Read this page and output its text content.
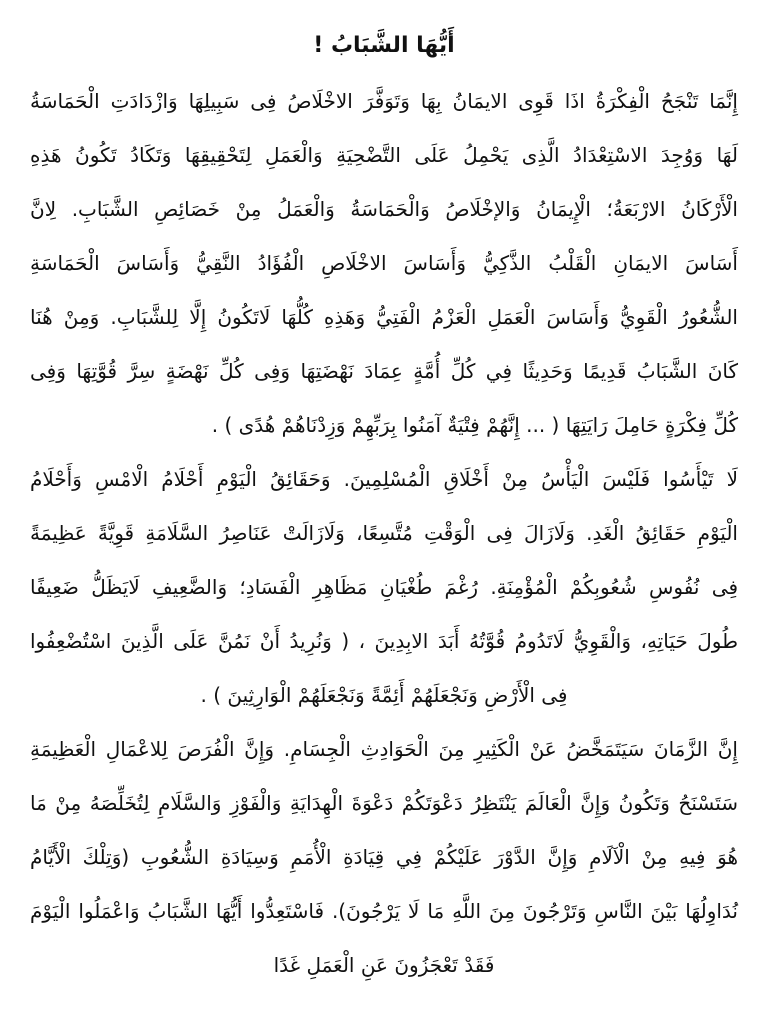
أَيُّهَا الشَّبَابُ !
إِنَّمَا تَنْجَحُ الْفِكْرَةُ اذَا قَوِى الايمَانُ بِهَا وَتَوَفَّرَ الاخْلَاصُ فِى سَبِيلِهَا وَازْدَادَتِ الْحَمَاسَةُ
لَهَا وَوُجِدَ الاسْتِعْدَادُ الَّذِى يَحْمِلُ عَلَى التَّضْحِيَةِ وَالْعَمَلِ لِتَحْقِيقِهَا وَتَكَادُ تَكُونُ هَذِهِ
الْأَرْكَانُ الارْبَعَةُ؛ الْإِيمَانُ وَالإخْلَاصُ وَالْحَمَاسَةُ وَالْعَمَلُ مِنْ خَصَائِصِ الشَّبَابِ. لِانَّ
أَسَاسَ الايمَانِ الْقَلْبُ الذَّكِيُّ وَأَسَاسَ الاخْلَاصِ الْفُؤَادُ النَّقِيُّ وَأَسَاسَ الْحَمَاسَةِ
الشُّعُورُ الْقَوِيُّ وَأَسَاسَ الْعَمَلِ الْعَزْمُ الْفَتِيُّ وَهَذِهِ كُلُّهَا لَاتَكُونُ إِلَّا لِلشَّبَابِ. وَمِنْ هُنَا
كَانَ الشَّبَابُ قَدِيمًا وَحَدِيثًا فِي كُلِّ أُمَّةٍ عِمَادَ نَهْضَتِهَا وَفِى كُلِّ نَهْضَةٍ سِرَّ قُوَّتِهَا وَفِى
كُلِّ فِكْرَةٍ حَامِلَ رَايَتِهَا ( ... إِنَّهُمْ فِتْيَةٌ آمَنُوا بِرَبِّهِمْ وَزِدْنَاهُمْ هُدًى ) .
لَا تَيْأَسُوا فَلَيْسَ الْيَأْسُ مِنْ أَخْلَاقِ الْمُسْلِمِينَ. وَحَقَائِقُ الْيَوْمِ أَحْلَامُ الْامْسِ وَأَحْلَامُ
الْيَوْمِ حَقَائِقُ الْغَدِ. وَلَازَالَ فِى الْوَقْتِ مُتَّسِعًا، وَلَازَالَتْ عَنَاصِرُ السَّلَامَةِ قَوِيَّةً عَظِيمَةً
فِى نُفُوسِ شُعُوبِكُمْ الْمُؤْمِنَةِ. رُغْمَ طُغْيَانِ مَظَاهِرِ الْفَسَادِ؛ وَالضَّعِيفِ لَايَظَلُّ ضَعِيفًا
طُولَ حَيَاتِهِ، وَالْقَوِيُّ لَاتَدُومُ قُوَّتُهُ أَبَدَ الابِدِينَ ، ( وَنُرِيدُ أَنْ نَمُنَّ عَلَى الَّذِينَ اسْتُضْعِفُوا
فِى الْأَرْضِ وَنَجْعَلَهُمْ أَئِمَّةً وَنَجْعَلَهُمْ الْوَارِثِينَ ) .
إِنَّ الزَّمَانَ سَيَتَمَخَّضُ عَنْ الْكَثِيرِ مِنَ الْحَوَادِثِ الْجِسَامِ. وَإِنَّ الْفُرَصَ لِلاعْمَالِ الْعَظِيمَةِ
سَتَسْنَحُ وَتَكُونُ وَإِنَّ الْعَالَمَ يَنْتَظِرُ دَعْوَتَكُمْ دَعْوَةَ الْهِدَايَةِ وَالْفَوْزِ وَالسَّلَامِ لِتُخَلِّصَهُ مِنْ مَا
هُوَ فِيهِ مِنْ الْآلَامِ وَإِنَّ الدَّوْرَ عَلَيْكُمْ فِي قِيَادَةِ الْأُمَمِ وَسِيَادَةِ الشُّعُوبِ (وَتِلْكَ الْأَيَّامُ
نُدَاوِلُهَا بَيْنَ النَّاسِ وَتَرْجُونَ مِنَ اللَّهِ مَا لَا يَرْجُونَ). فَاسْتَعِدُّوا أَيُّهَا الشَّبَابُ وَاعْمَلُوا الْيَوْمَ
فَقَدْ تَعْجَزُونَ عَنِ الْعَمَلِ غَدًا
